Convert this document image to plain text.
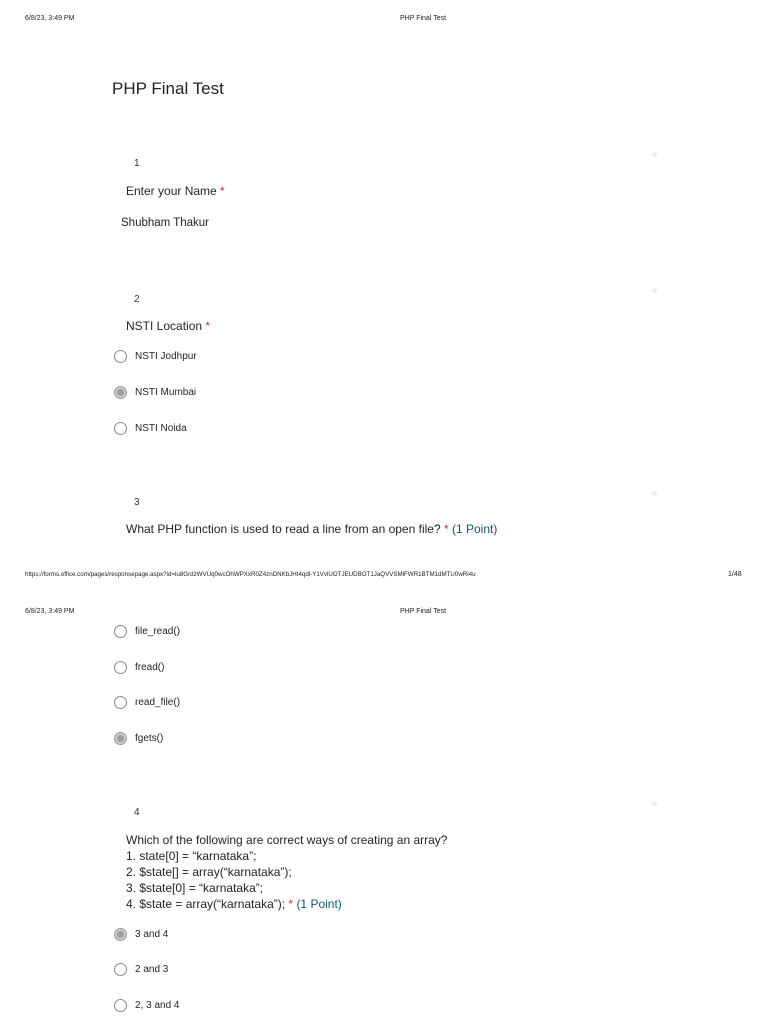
6/8/23, 3:49 PM	PHP Final Test
PHP Final Test
1
Enter your Name *
Shubham Thakur
2
NSTI Location *
NSTI Jodhpur
NSTI Mumbai
NSTI Noida
3
What PHP function is used to read a line from an open file? * (1 Point)
https://forms.office.com/pages/responsepage.aspx?id=lu8GrdzWVUq0wcOhWPXxR0Z4znDNKbJHt4qdl-Y1VvlUOTJEUDBOT1JaQVVSMlFWR1BTM1dMTU0wRi4u	1/48
6/8/23, 3:49 PM	PHP Final Test
file_read()
fread()
read_file()
fgets()
4
Which of the following are correct ways of creating an array?
1. state[0] = “karnataka”;
2. $state[] = array(“karnataka”);
3. $state[0] = “karnataka”;
4. $state = array(“karnataka”); * (1 Point)
3 and 4
2 and 3
2, 3 and 4
